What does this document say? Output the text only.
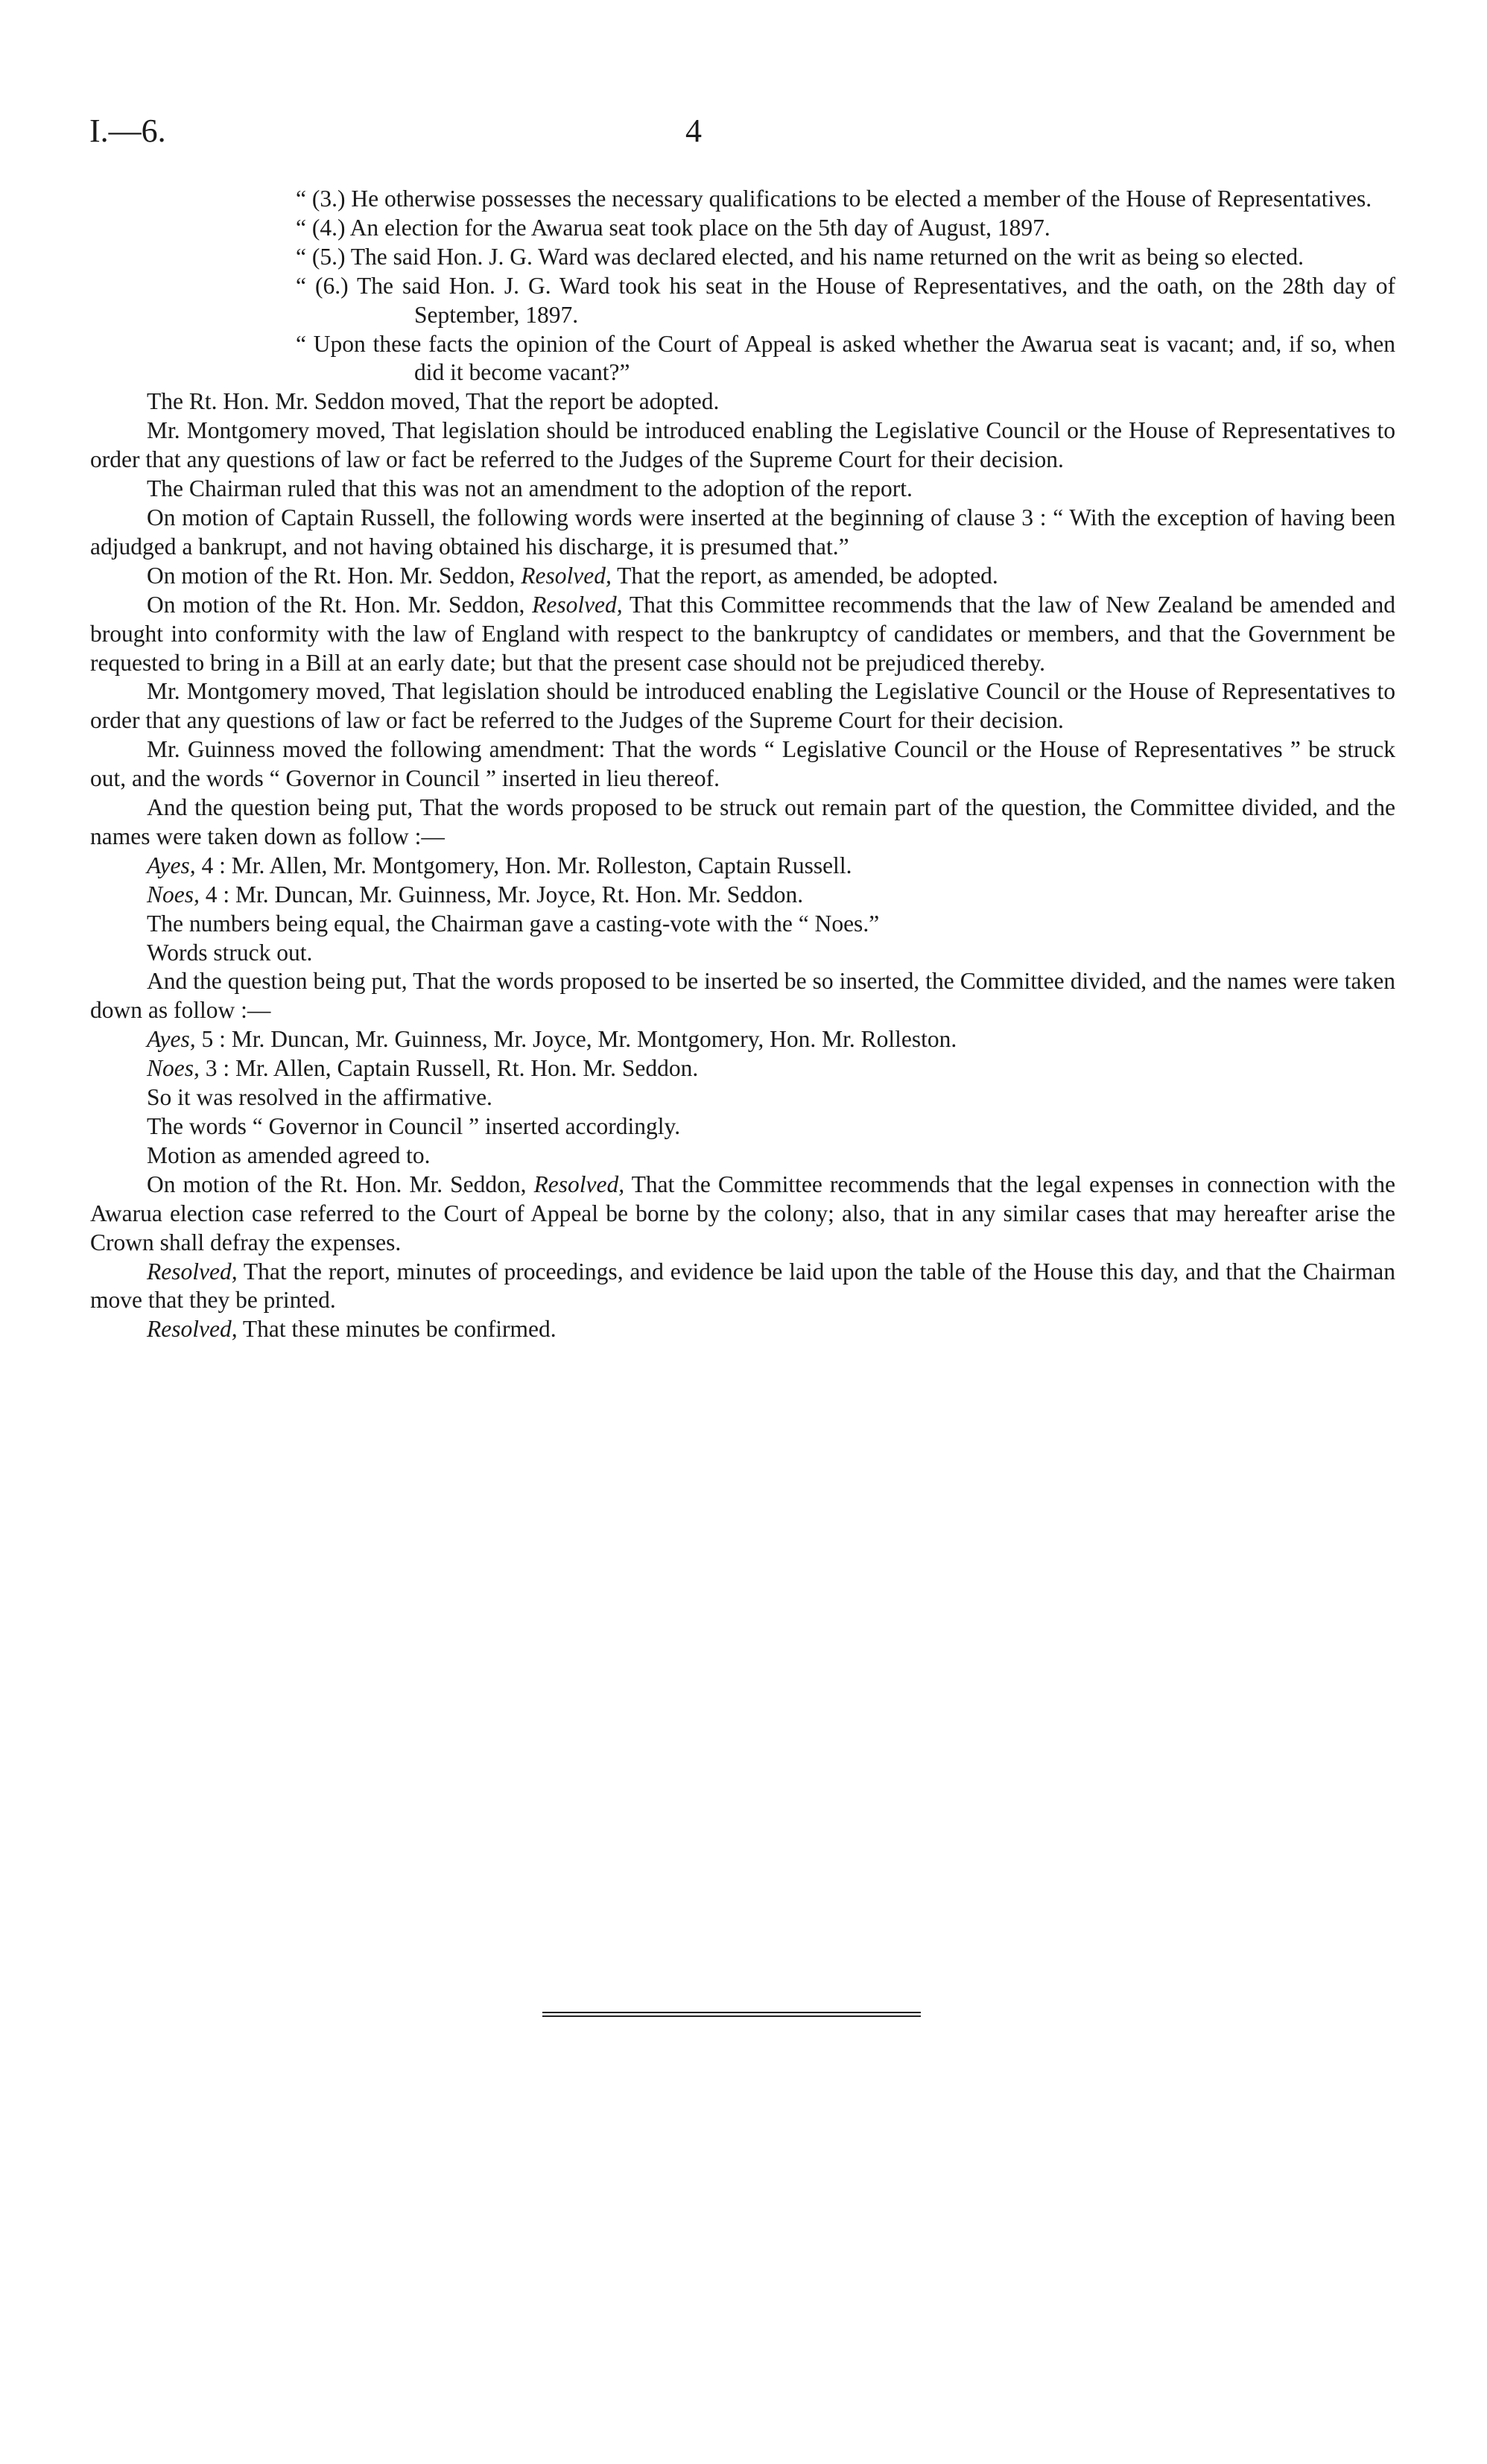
I.—6.	4

“ (3.) He otherwise possesses the necessary qualifications to be elected a member of the House of Representatives.

“ (4.) An election for the Awarua seat took place on the 5th day of August, 1897.

“ (5.) The said Hon. J. G. Ward was declared elected, and his name returned on the writ as being so elected.

“ (6.) The said Hon. J. G. Ward took his seat in the House of Representatives, and the oath, on the 28th day of September, 1897.

“ Upon these facts the opinion of the Court of Appeal is asked whether the Awarua seat is vacant; and, if so, when did it become vacant?”

The Rt. Hon. Mr. Seddon moved, That the report be adopted.

Mr. Montgomery moved, That legislation should be introduced enabling the Legislative Council or the House of Representatives to order that any questions of law or fact be referred to the Judges of the Supreme Court for their decision.

The Chairman ruled that this was not an amendment to the adoption of the report.

On motion of Captain Russell, the following words were inserted at the beginning of clause 3 : “ With the exception of having been adjudged a bankrupt, and not having obtained his discharge, it is presumed that.”

On motion of the Rt. Hon. Mr. Seddon, Resolved, That the report, as amended, be adopted.

On motion of the Rt. Hon. Mr. Seddon, Resolved, That this Committee recommends that the law of New Zealand be amended and brought into conformity with the law of England with respect to the bankruptcy of candidates or members, and that the Government be requested to bring in a Bill at an early date; but that the present case should not be prejudiced thereby.

Mr. Montgomery moved, That legislation should be introduced enabling the Legislative Council or the House of Representatives to order that any questions of law or fact be referred to the Judges of the Supreme Court for their decision.

Mr. Guinness moved the following amendment: That the words “ Legislative Council or the House of Representatives ” be struck out, and the words “ Governor in Council ” inserted in lieu thereof.

And the question being put, That the words proposed to be struck out remain part of the question, the Committee divided, and the names were taken down as follow :—

Ayes, 4 : Mr. Allen, Mr. Montgomery, Hon. Mr. Rolleston, Captain Russell.

Noes, 4 : Mr. Duncan, Mr. Guinness, Mr. Joyce, Rt. Hon. Mr. Seddon.

The numbers being equal, the Chairman gave a casting-vote with the “ Noes.”

Words struck out.

And the question being put, That the words proposed to be inserted be so inserted, the Committee divided, and the names were taken down as follow :—

Ayes, 5 : Mr. Duncan, Mr. Guinness, Mr. Joyce, Mr. Montgomery, Hon. Mr. Rolleston.

Noes, 3 : Mr. Allen, Captain Russell, Rt. Hon. Mr. Seddon.

So it was resolved in the affirmative.

The words “ Governor in Council ” inserted accordingly.

Motion as amended agreed to.

On motion of the Rt. Hon. Mr. Seddon, Resolved, That the Committee recommends that the legal expenses in connection with the Awarua election case referred to the Court of Appeal be borne by the colony; also, that in any similar cases that may hereafter arise the Crown shall defray the expenses.

Resolved, That the report, minutes of proceedings, and evidence be laid upon the table of the House this day, and that the Chairman move that they be printed.

Resolved, That these minutes be confirmed.
